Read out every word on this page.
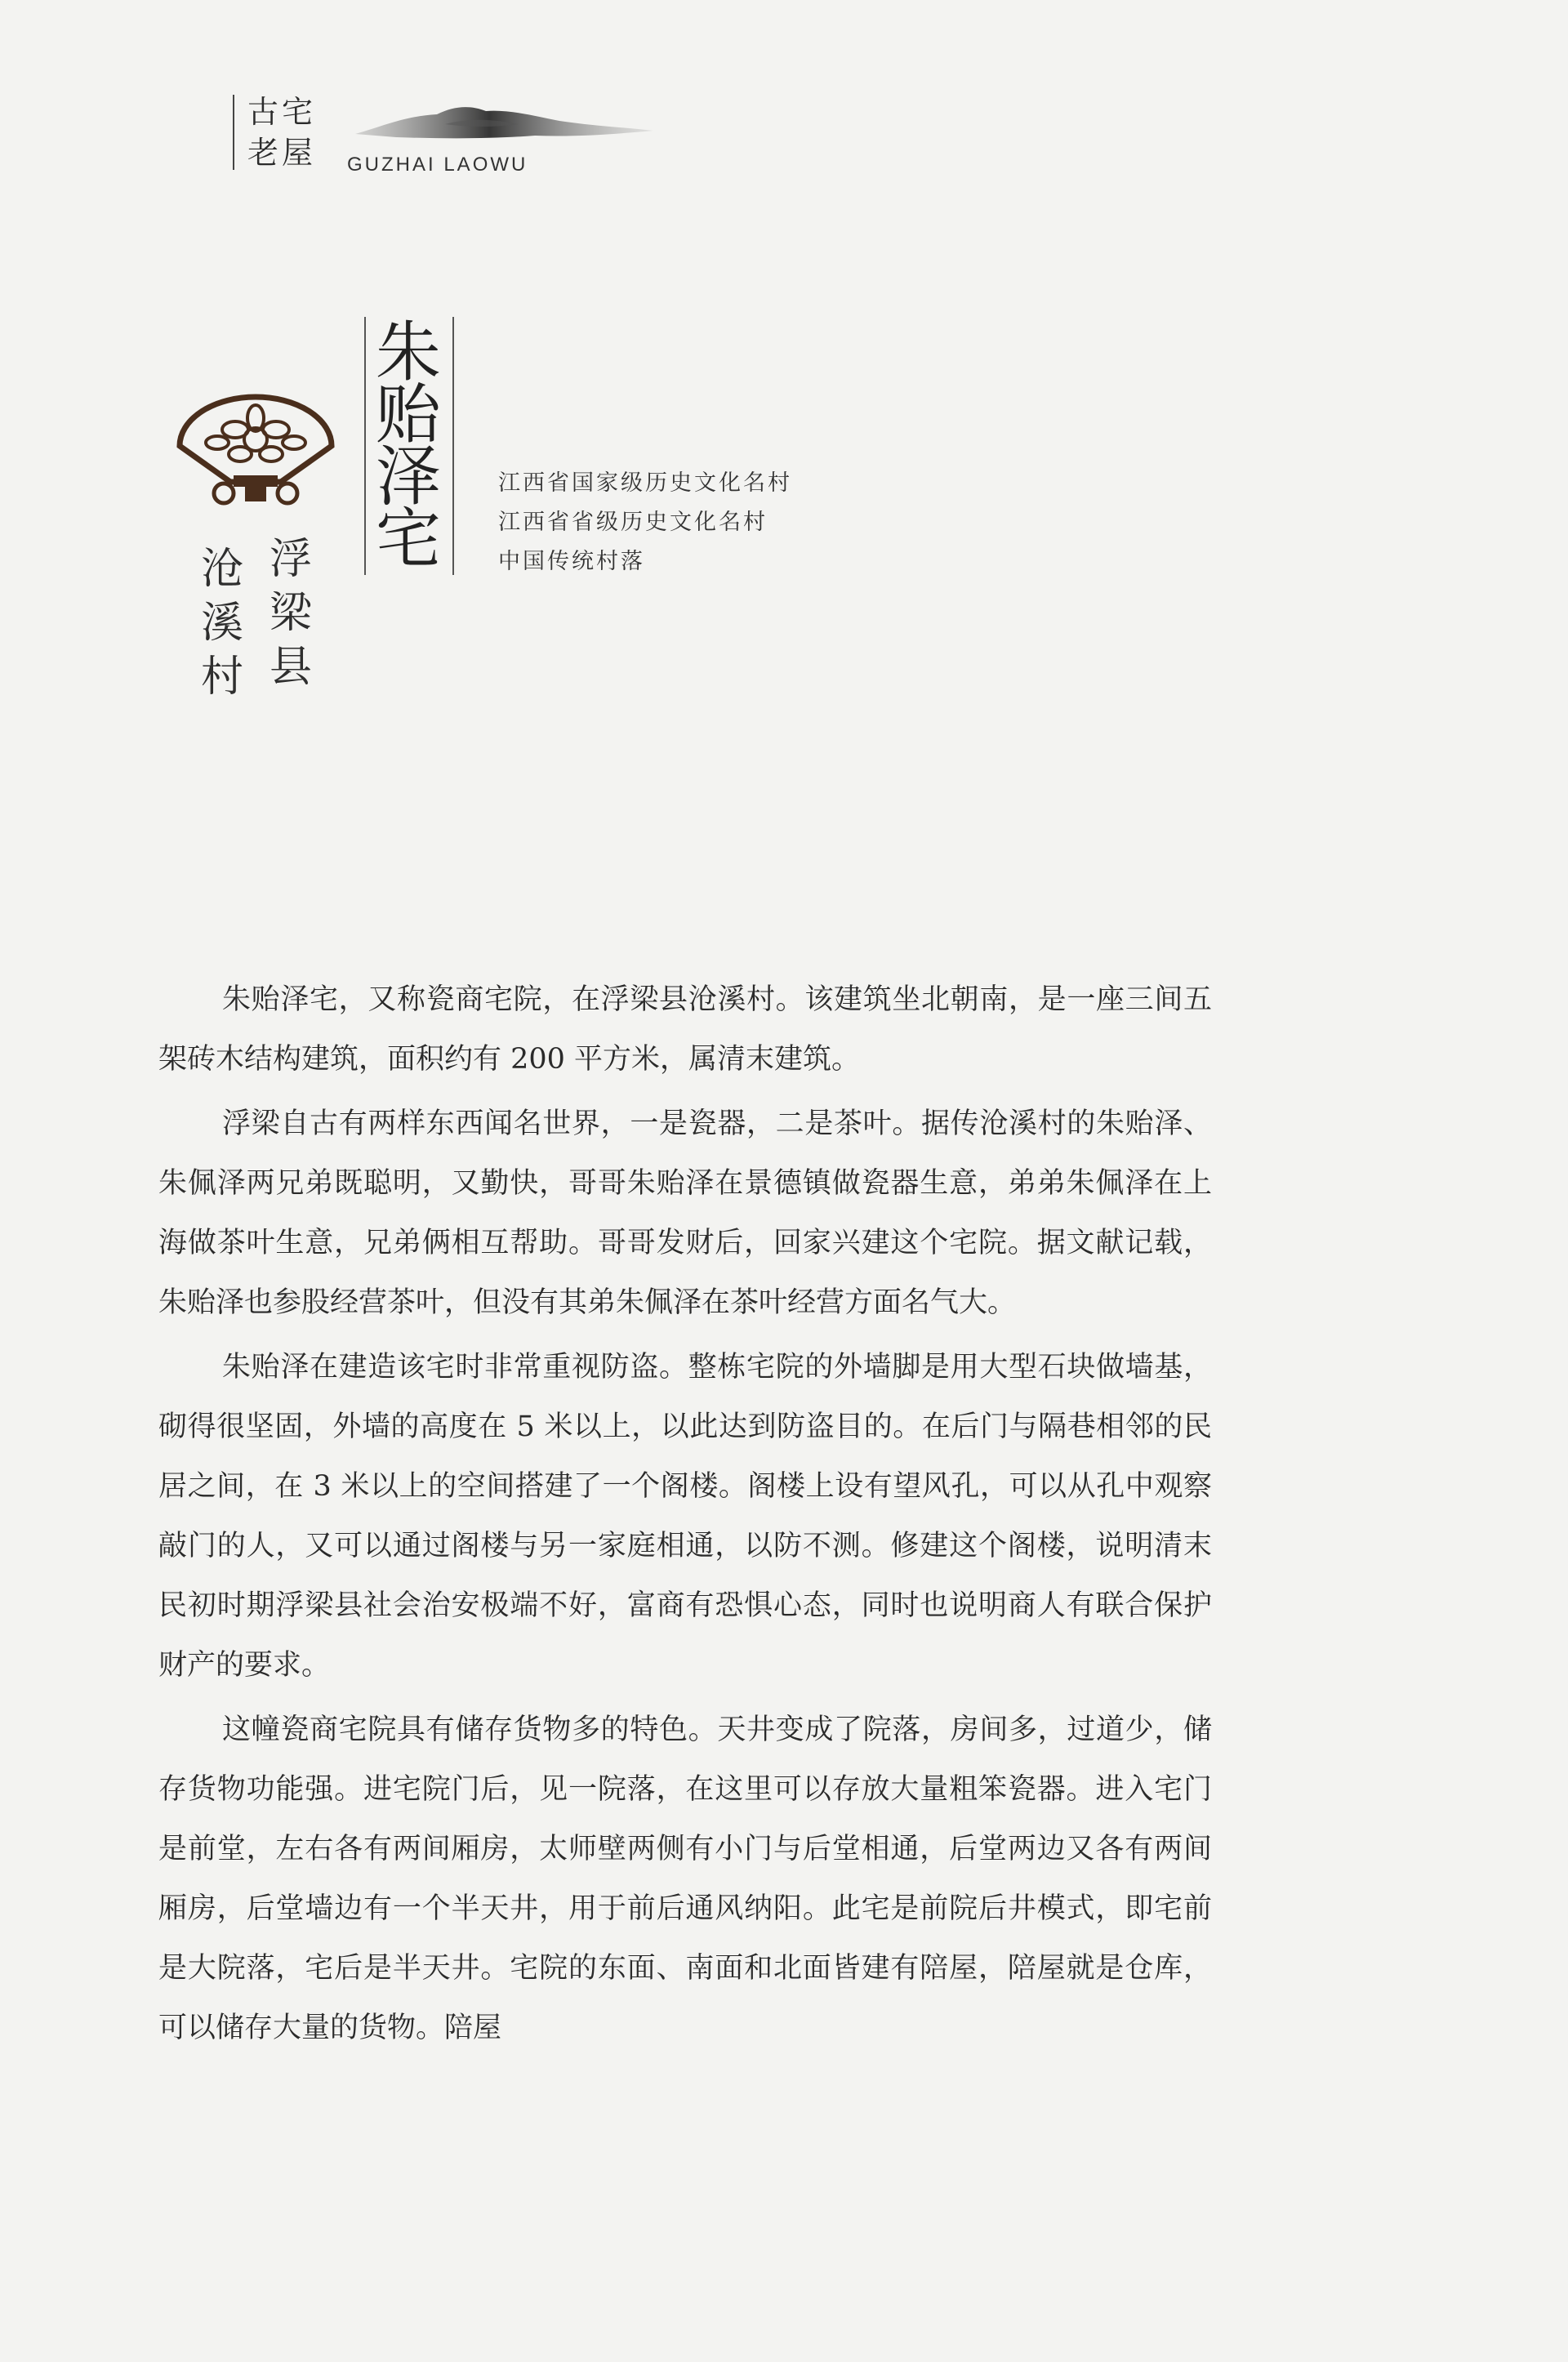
古
老
宅
屋 GUZHAI LAOWU
浮
梁
县
沧
溪
村
朱
贻
泽
宅
江西省国家级历史文化名村
江西省省级历史文化名村
中国传统村落

朱贻泽宅，又称瓷商宅院，在浮梁县沧溪村。该建筑坐北朝南，是一座三间五架砖木结构建筑，面积约有 200 平方米，属清末建筑。

浮梁自古有两样东西闻名世界，一是瓷器，二是茶叶。据传沧溪村的朱贻泽、朱佩泽两兄弟既聪明，又勤快，哥哥朱贻泽在景德镇做瓷器生意，弟弟朱佩泽在上海做茶叶生意，兄弟俩相互帮助。哥哥发财后，回家兴建这个宅院。据文献记载，朱贻泽也参股经营茶叶，但没有其弟朱佩泽在茶叶经营方面名气大。

朱贻泽在建造该宅时非常重视防盗。整栋宅院的外墙脚是用大型石块做墙基，砌得很坚固，外墙的高度在 5 米以上，以此达到防盗目的。在后门与隔巷相邻的民居之间，在 3 米以上的空间搭建了一个阁楼。阁楼上设有望风孔，可以从孔中观察敲门的人，又可以通过阁楼与另一家庭相通，以防不测。修建这个阁楼，说明清末民初时期浮梁县社会治安极端不好，富商有恐惧心态，同时也说明商人有联合保护财产的要求。

这幢瓷商宅院具有储存货物多的特色。天井变成了院落，房间多，过道少，储存货物功能强。进宅院门后，见一院落，在这里可以存放大量粗笨瓷器。进入宅门是前堂，左右各有两间厢房，太师壁两侧有小门与后堂相通，后堂两边又各有两间厢房，后堂墙边有一个半天井，用于前后通风纳阳。此宅是前院后井模式，即宅前是大院落，宅后是半天井。宅院的东面、南面和北面皆建有陪屋，陪屋就是仓库，可以储存大量的货物。陪屋
